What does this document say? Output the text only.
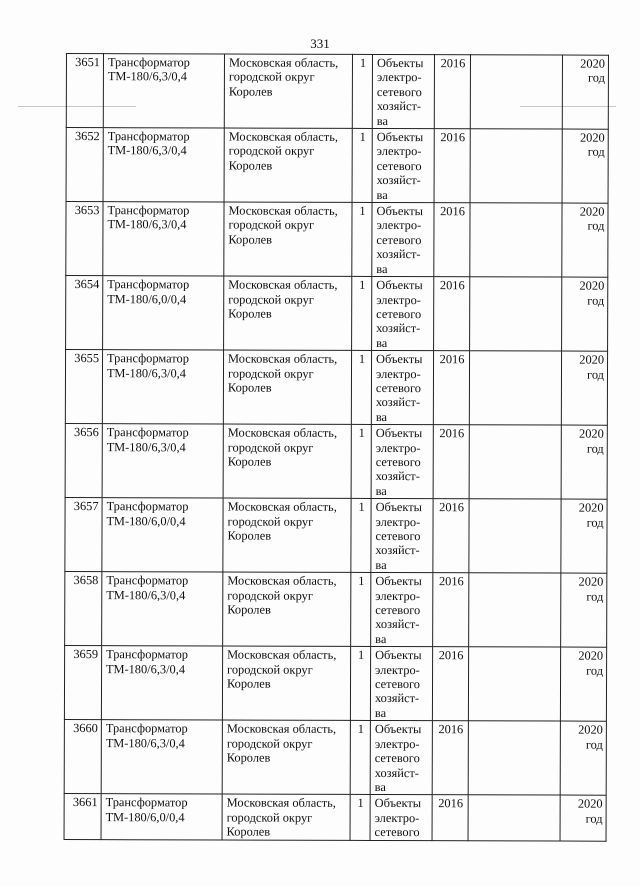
331
3651	Трансформатор
ТМ-180/6,3/0,4	Московская область,
городской округ
Королев	1	Объекты
электро-
сетевого
хозяйст-
ва	2016		2020
год

3652	Трансформатор
ТМ-180/6,3/0,4	Московская область,
городской округ
Королев	1	Объекты
электро-
сетевого
хозяйст-
ва	2016		2020
год

3653	Трансформатор
ТМ-180/6,3/0,4	Московская область,
городской округ
Королев	1	Объекты
электро-
сетевого
хозяйст-
ва	2016		2020
год

3654	Трансформатор
ТМ-180/6,0/0,4	Московская область,
городской округ
Королев	1	Объекты
электро-
сетевого
хозяйст-
ва	2016		2020
год

3655	Трансформатор
ТМ-180/6,3/0,4	Московская область,
городской округ
Королев	1	Объекты
электро-
сетевого
хозяйст-
ва	2016		2020
год

3656	Трансформатор
ТМ-180/6,3/0,4	Московская область,
городской округ
Королев	1	Объекты
электро-
сетевого
хозяйст-
ва	2016		2020
год

3657	Трансформатор
ТМ-180/6,0/0,4	Московская область,
городской округ
Королев	1	Объекты
электро-
сетевого
хозяйст-
ва	2016		2020
год

3658	Трансформатор
ТМ-180/6,3/0,4	Московская область,
городской округ
Королев	1	Объекты
электро-
сетевого
хозяйст-
ва	2016		2020
год

3659	Трансформатор
ТМ-180/6,3/0,4	Московская область,
городской округ
Королев	1	Объекты
электро-
сетевого
хозяйст-
ва	2016		2020
год

3660	Трансформатор
ТМ-180/6,3/0,4	Московская область,
городской округ
Королев	1	Объекты
электро-
сетевого
хозяйст-
ва	2016		2020
год

3661	Трансформатор
ТМ-180/6,0/0,4	Московская область,
городской округ
Королев	1	Объекты
электро-
сетевого	2016		2020
год
